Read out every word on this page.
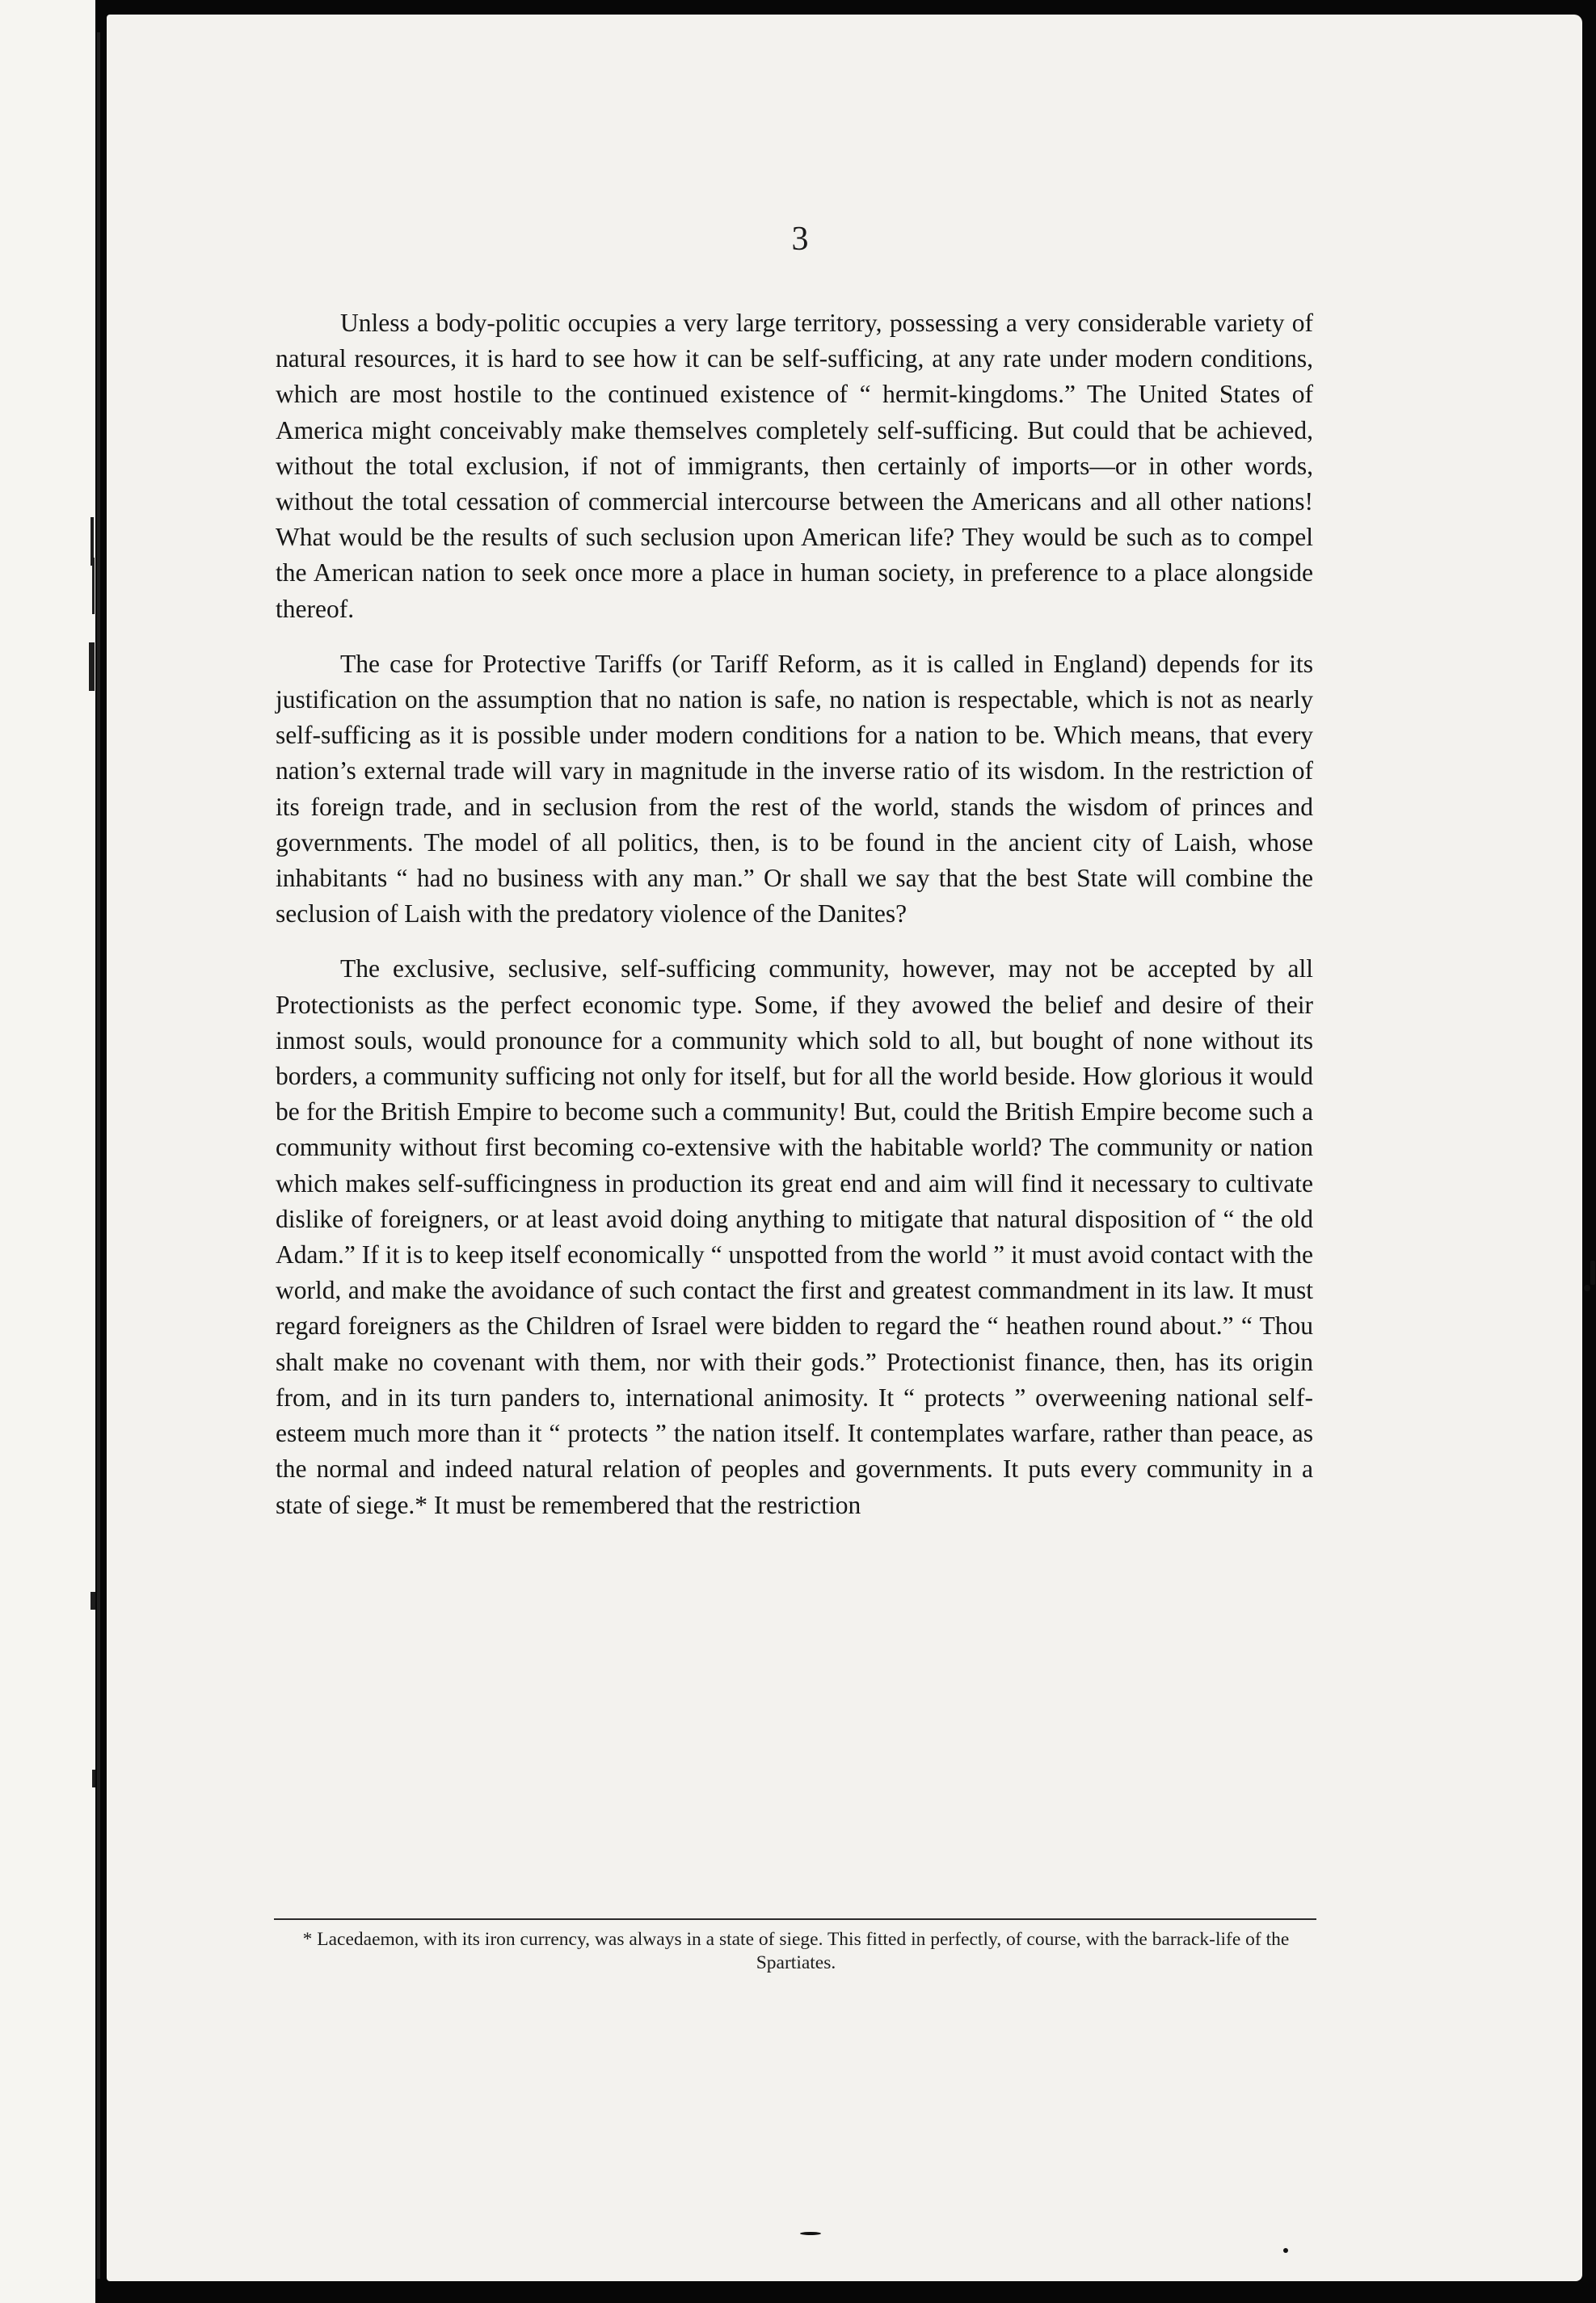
3

Unless a body-politic occupies a very large territory, possessing a very considerable variety of natural resources, it is hard to see how it can be self-sufficing, at any rate under modern conditions, which are most hostile to the continued existence of “ hermit-kingdoms.” The United States of America might conceivably make themselves completely self-sufficing. But could that be achieved, without the total exclusion, if not of immigrants, then certainly of imports—or in other words, without the total cessation of commercial intercourse between the Americans and all other nations! What would be the results of such seclusion upon American life? They would be such as to compel the American nation to seek once more a place in human society, in preference to a place alongside thereof.

The case for Protective Tariffs (or Tariff Reform, as it is called in England) depends for its justification on the assumption that no nation is safe, no nation is respectable, which is not as nearly self-sufficing as it is possible under modern conditions for a nation to be. Which means, that every nation’s external trade will vary in magnitude in the inverse ratio of its wisdom. In the restriction of its foreign trade, and in seclusion from the rest of the world, stands the wisdom of princes and governments. The model of all politics, then, is to be found in the ancient city of Laish, whose inhabitants “ had no business with any man.” Or shall we say that the best State will combine the seclusion of Laish with the predatory violence of the Danites?

The exclusive, seclusive, self-sufficing community, however, may not be accepted by all Protectionists as the perfect economic type. Some, if they avowed the belief and desire of their inmost souls, would pronounce for a community which sold to all, but bought of none without its borders, a community sufficing not only for itself, but for all the world beside. How glorious it would be for the British Empire to become such a community! But, could the British Empire become such a community without first becoming co-extensive with the habitable world? The community or nation which makes self-sufficingness in production its great end and aim will find it necessary to cultivate dislike of foreigners, or at least avoid doing anything to mitigate that natural disposition of “ the old Adam.” If it is to keep itself economically “ unspotted from the world ” it must avoid contact with the world, and make the avoidance of such contact the first and greatest commandment in its law. It must regard foreigners as the Children of Israel were bidden to regard the “ heathen round about.” “ Thou shalt make no covenant with them, nor with their gods.” Protectionist finance, then, has its origin from, and in its turn panders to, international animosity. It “ protects ” overweening national self-esteem much more than it “ protects ” the nation itself. It contemplates warfare, rather than peace, as the normal and indeed natural relation of peoples and governments. It puts every community in a state of siege.* It must be remembered that the restriction

* Lacedaemon, with its iron currency, was always in a state of siege. This fitted in perfectly, of course, with the barrack-life of the Spartiates.
